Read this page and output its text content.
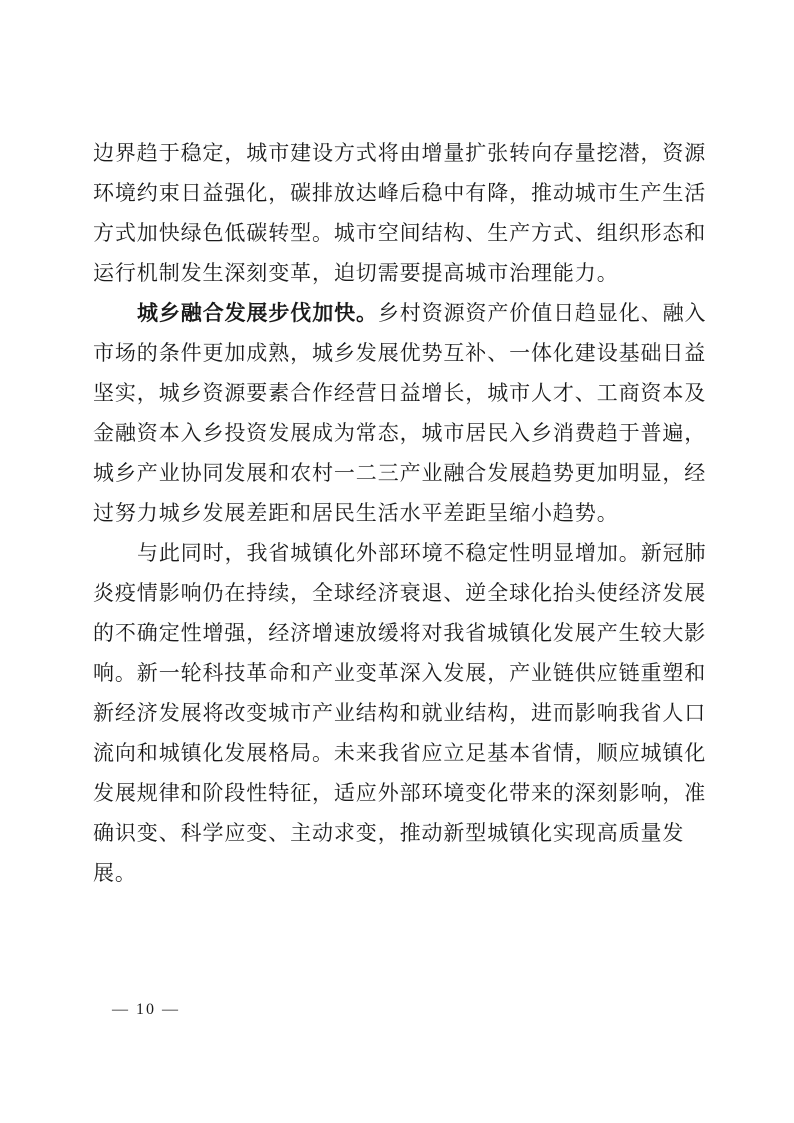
边界趋于稳定，城市建设方式将由增量扩张转向存量挖潜，资源
环境约束日益强化，碳排放达峰后稳中有降，推动城市生产生活
方式加快绿色低碳转型。城市空间结构、生产方式、组织形态和
运行机制发生深刻变革，迫切需要提高城市治理能力。
城乡融合发展步伐加快。乡村资源资产价值日趋显化、融入
市场的条件更加成熟，城乡发展优势互补、一体化建设基础日益
坚实，城乡资源要素合作经营日益增长，城市人才、工商资本及
金融资本入乡投资发展成为常态，城市居民入乡消费趋于普遍，
城乡产业协同发展和农村一二三产业融合发展趋势更加明显，经
过努力城乡发展差距和居民生活水平差距呈缩小趋势。
与此同时，我省城镇化外部环境不稳定性明显增加。新冠肺
炎疫情影响仍在持续，全球经济衰退、逆全球化抬头使经济发展
的不确定性增强，经济增速放缓将对我省城镇化发展产生较大影
响。新一轮科技革命和产业变革深入发展，产业链供应链重塑和
新经济发展将改变城市产业结构和就业结构，进而影响我省人口
流向和城镇化发展格局。未来我省应立足基本省情，顺应城镇化
发展规律和阶段性特征，适应外部环境变化带来的深刻影响，准
确识变、科学应变、主动求变，推动新型城镇化实现高质量发
展。
— 10 —
